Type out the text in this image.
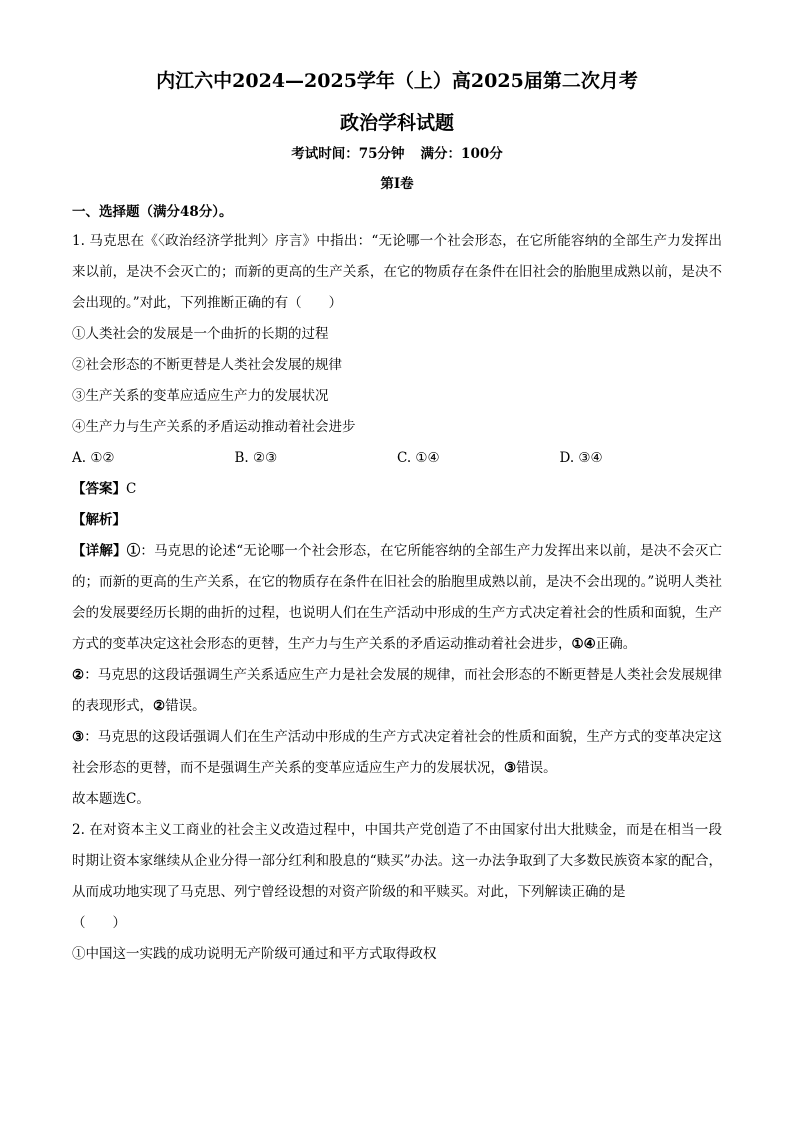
内江六中2024—2025学年（上）高2025届第二次月考
政治学科试题
考试时间：75分钟 满分：100分
第Ⅰ卷
一、选择题（满分48分）。

1. 马克思在《〈政治经济学批判〉序言》中指出：“无论哪一个社会形态，在它所能容纳的全部生产力发挥出来以前，是决不会灭亡的；而新的更高的生产关系，在它的物质存在条件在旧社会的胎胞里成熟以前，是决不会出现的。”对此，下列推断正确的有（　　）

①人类社会的发展是一个曲折的长期的过程
②社会形态的不断更替是人类社会发展的规律
③生产关系的变革应适应生产力的发展状况
④生产力与生产关系的矛盾运动推动着社会进步
A. ①②	B. ②③	C. ①④	D. ③④
【答案】C
【解析】

【详解】①：马克思的论述“无论哪一个社会形态，在它所能容纳的全部生产力发挥出来以前，是决不会灭亡的；而新的更高的生产关系，在它的物质存在条件在旧社会的胎胞里成熟以前，是决不会出现的。”说明人类社会的发展要经历长期的曲折的过程，也说明人们在生产活动中形成的生产方式决定着社会的性质和面貌，生产方式的变革决定这社会形态的更替，生产力与生产关系的矛盾运动推动着社会进步，①④正确。

②：马克思的这段话强调生产关系适应生产力是社会发展的规律，而社会形态的不断更替是人类社会发展规律的表现形式，②错误。

③：马克思的这段话强调人们在生产活动中形成的生产方式决定着社会的性质和面貌，生产方式的变革决定这社会形态的更替，而不是强调生产关系的变革应适应生产力的发展状况，③错误。

故本题选C。

2. 在对资本主义工商业的社会主义改造过程中，中国共产党创造了不由国家付出大批赎金，而是在相当一段时期让资本家继续从企业分得一部分红利和股息的“赎买”办法。这一办法争取到了大多数民族资本家的配合，从而成功地实现了马克思、列宁曾经设想的对资产阶级的和平赎买。对此，下列解读正确的是

（　　）
①中国这一实践的成功说明无产阶级可通过和平方式取得政权
